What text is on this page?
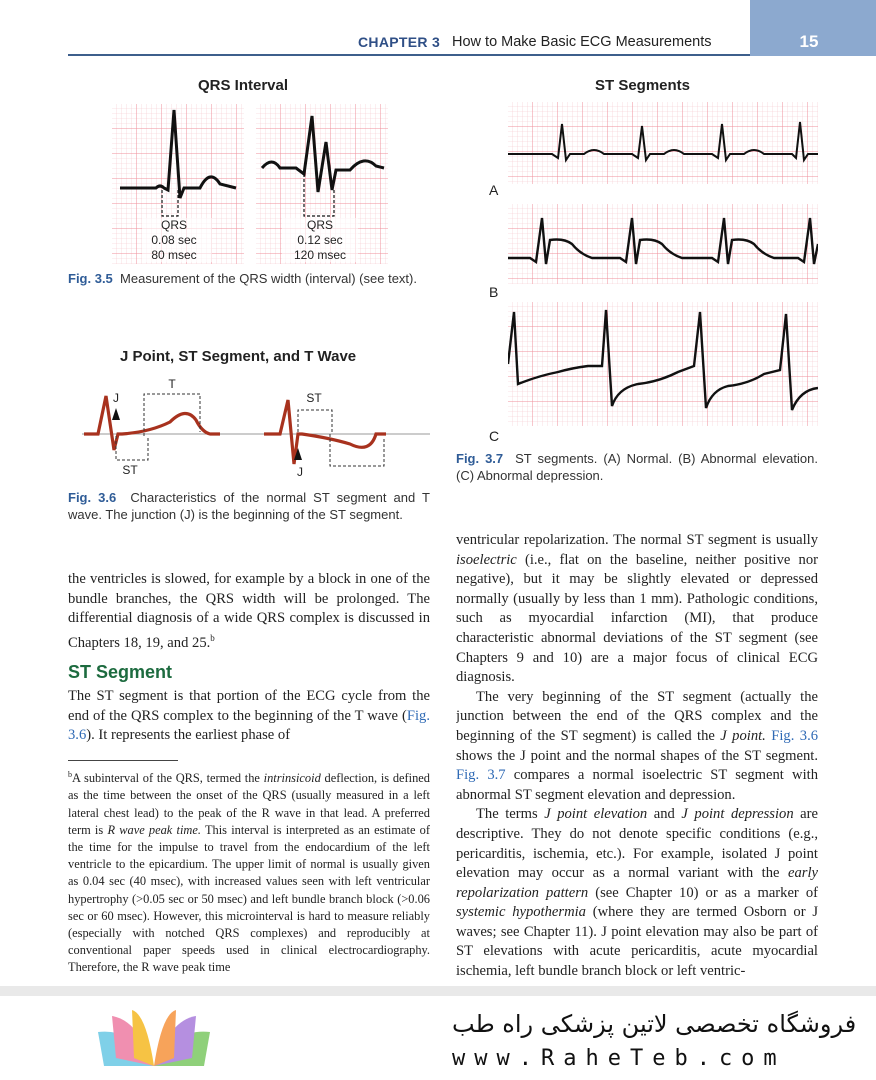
CHAPTER 3 How to Make Basic ECG Measurements	15
QRS Interval
QRS
0.08 sec
80 msec
QRS
0.12 sec
120 msec
Fig. 3.5 Measurement of the QRS width (interval) (see text).
J Point, ST Segment, and T Wave
T
J
ST
ST
J
Fig. 3.6 Characteristics of the normal ST segment and T wave. The junction (J) is the beginning of the ST segment.
ST Segments
A
B
C
Fig. 3.7 ST segments. (A) Normal. (B) Abnormal elevation. (C) Abnormal depression.

the ventricles is slowed, for example by a block in one of the bundle branches, the QRS width will be prolonged. The differential diagnosis of a wide QRS complex is discussed in Chapters 18, 19, and 25.$^b$

ST Segment

The ST segment is that portion of the ECG cycle from the end of the QRS complex to the beginning of the T wave (Fig. 3.6). It represents the earliest phase of

$^b$A subinterval of the QRS, termed the intrinsicoid deflection, is defined as the time between the onset of the QRS (usually measured in a left lateral chest lead) to the peak of the R wave in that lead. A preferred term is R wave peak time. This interval is interpreted as an estimate of the time for the impulse to travel from the endocardium of the left ventricle to the epicardium. The upper limit of normal is usually given as 0.04 sec (40 msec), with increased values seen with left ventricular hypertrophy (>0.05 sec or 50 msec) and left bundle branch block (>0.06 sec or 60 msec). However, this microinterval is hard to measure reliably (especially with notched QRS complexes) and reproducibly at conventional paper speeds used in clinical electrocardiography. Therefore, the R wave peak time

ventricular repolarization. The normal ST segment is usually isoelectric (i.e., flat on the baseline, neither positive nor negative), but it may be slightly elevated or depressed normally (usually by less than 1 mm). Pathologic conditions, such as myocardial infarction (MI), that produce characteristic abnormal deviations of the ST segment (see Chapters 9 and 10) are a major focus of clinical ECG diagnosis.

The very beginning of the ST segment (actually the junction between the end of the QRS complex and the beginning of the ST segment) is called the J point. Fig. 3.6 shows the J point and the normal shapes of the ST segment. Fig. 3.7 compares a normal isoelectric ST segment with abnormal ST segment elevation and depression.

The terms J point elevation and J point depression are descriptive. They do not denote specific conditions (e.g., pericarditis, ischemia, etc.). For example, isolated J point elevation may occur as a normal variant with the early repolarization pattern (see Chapter 10) or as a marker of systemic hypothermia (where they are termed Osborn or J waves; see Chapter 11). J point elevation may also be part of ST elevations with acute pericarditis, acute myocardial ischemia, left bundle branch block or left ventric-

فروشگاه تخصصی لاتین پزشکی راه طب
www.RaheTeb.com
